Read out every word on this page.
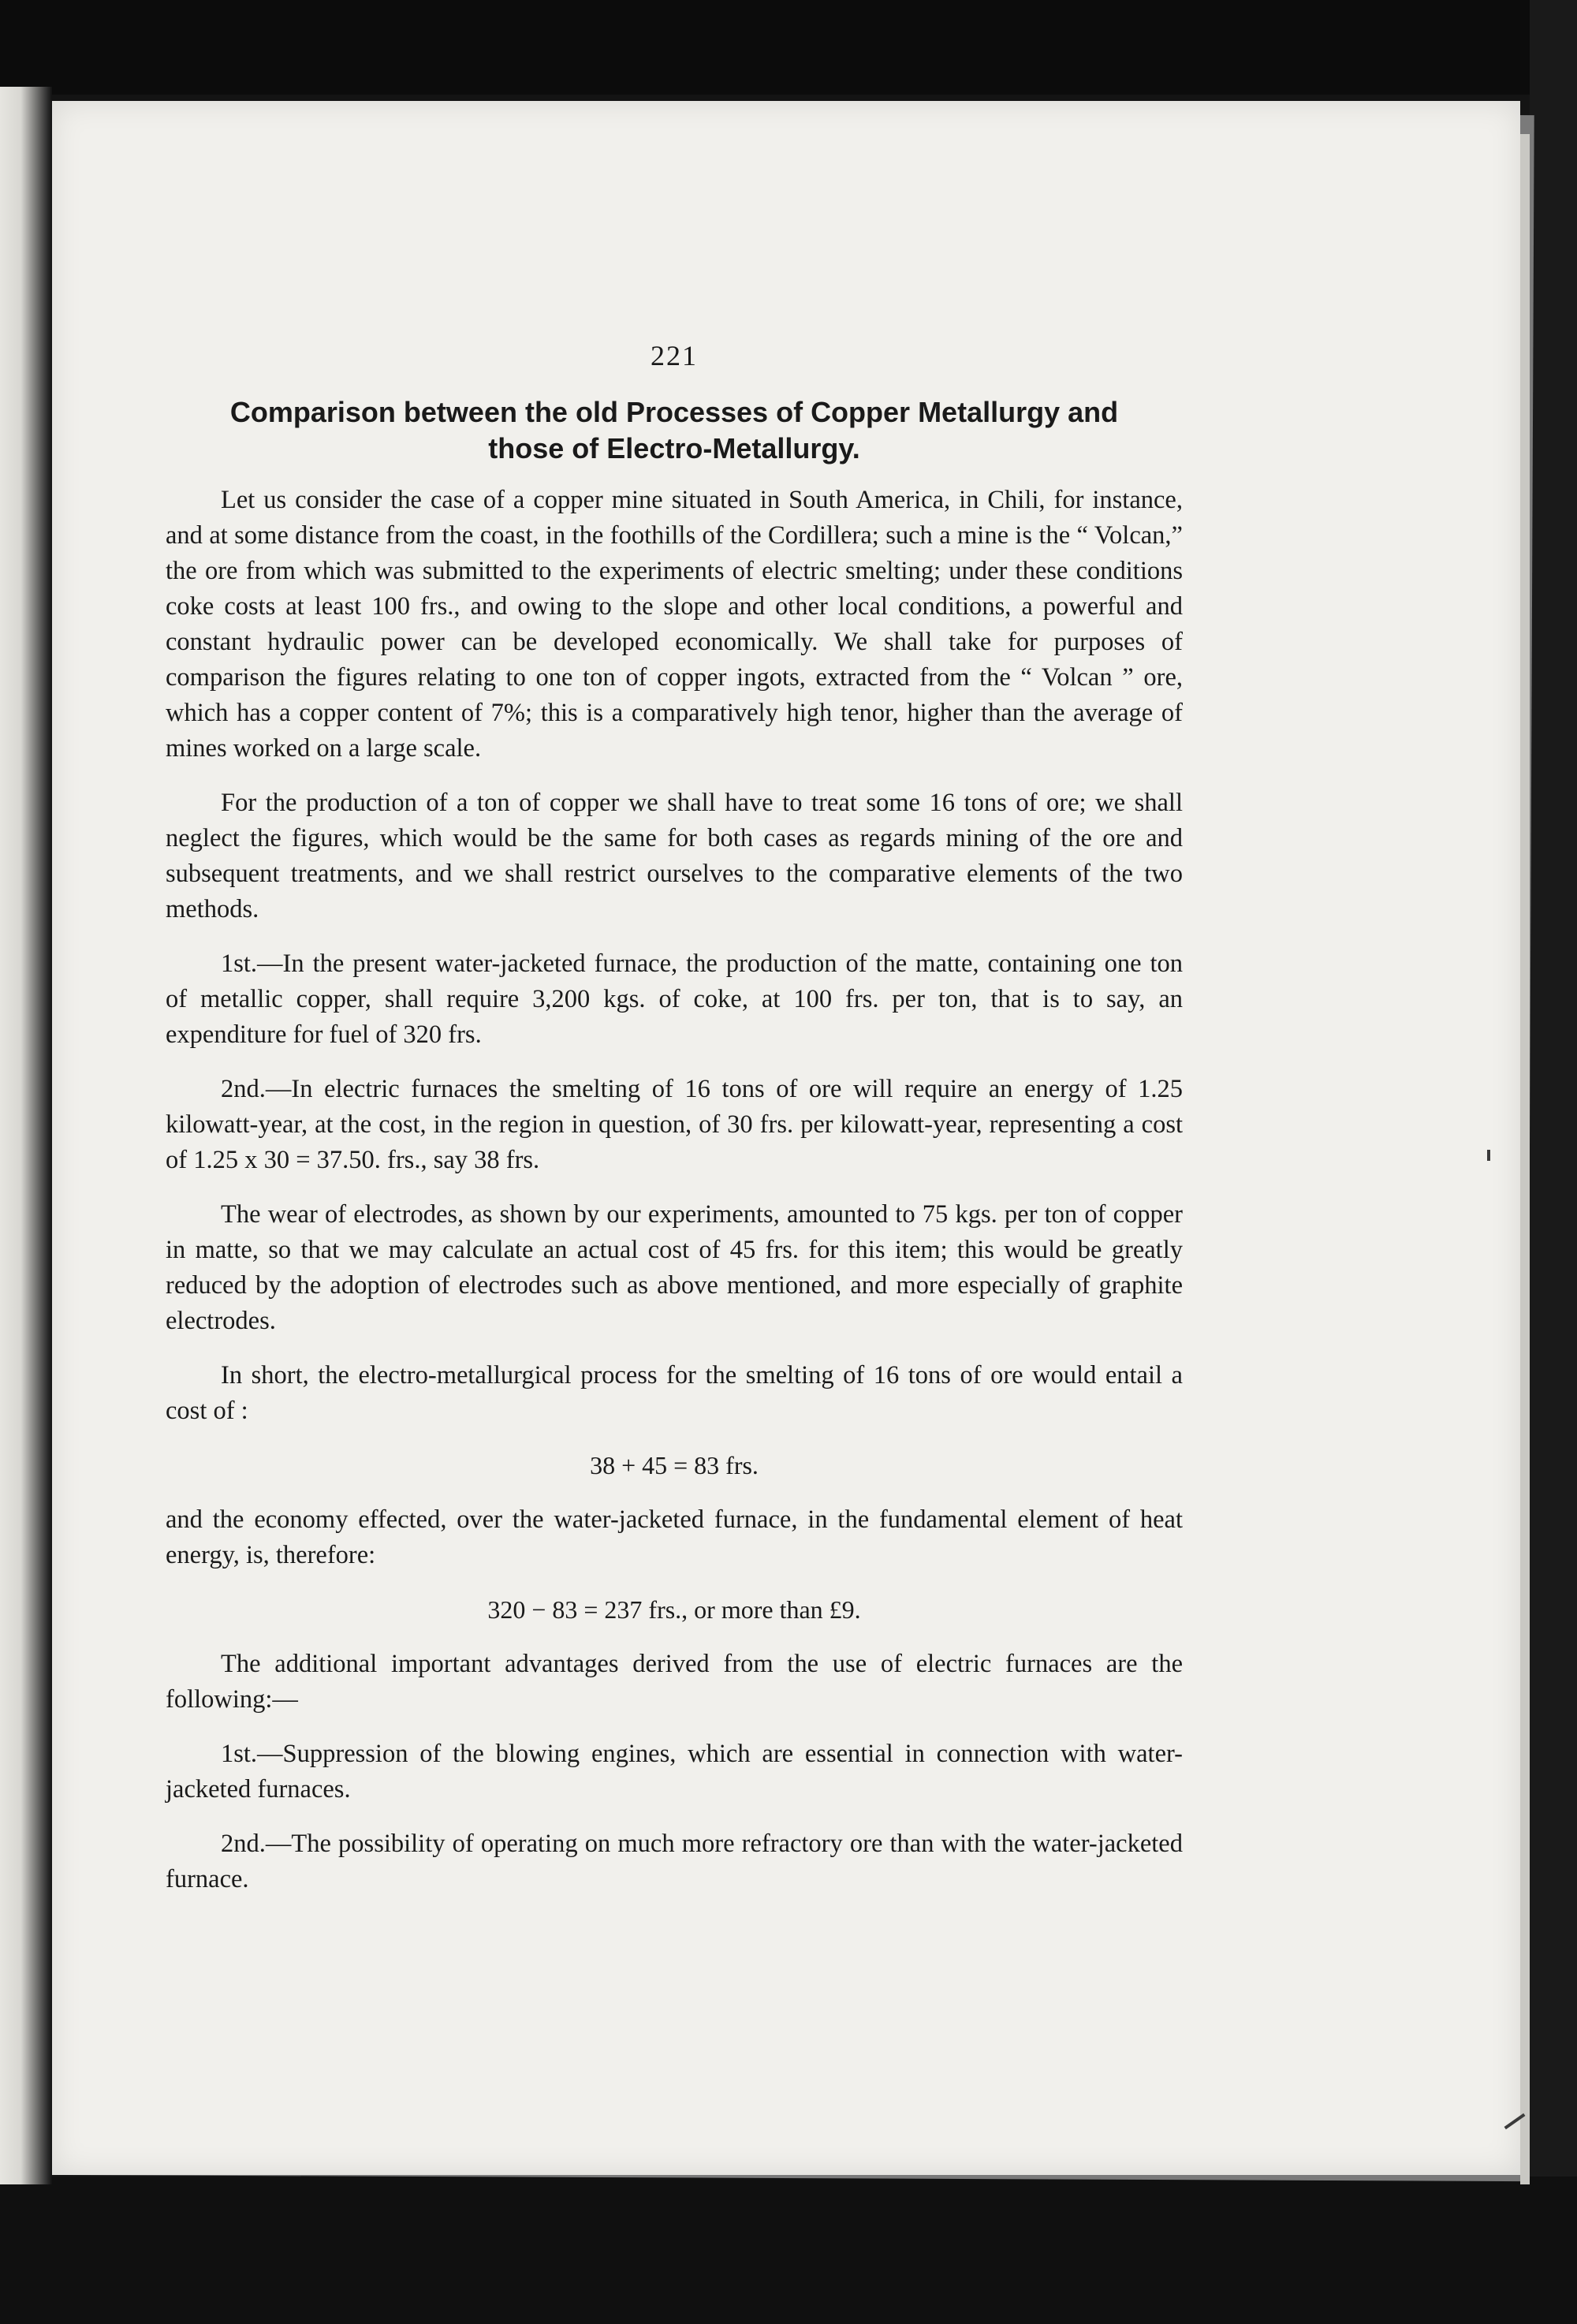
221
Comparison between the old Processes of Copper Metallurgy and
those of Electro-Metallurgy.

Let us consider the case of a copper mine situated in South America, in Chili, for instance, and at some distance from the coast, in the foothills of the Cordillera; such a mine is the “ Volcan,” the ore from which was submitted to the experiments of electric smelting; under these conditions coke costs at least 100 frs., and owing to the slope and other local conditions, a powerful and constant hydraulic power can be developed economically. We shall take for purposes of comparison the figures relating to one ton of copper ingots, extracted from the “ Volcan ” ore, which has a copper content of 7%; this is a comparatively high tenor, higher than the average of mines worked on a large scale.

For the production of a ton of copper we shall have to treat some 16 tons of ore; we shall neglect the figures, which would be the same for both cases as regards mining of the ore and subsequent treatments, and we shall restrict ourselves to the comparative elements of the two methods.

1st.—In the present water-jacketed furnace, the production of the matte, containing one ton of metallic copper, shall require 3,200 kgs. of coke, at 100 frs. per ton, that is to say, an expenditure for fuel of 320 frs.

2nd.—In electric furnaces the smelting of 16 tons of ore will require an energy of 1.25 kilowatt-year, at the cost, in the region in question, of 30 frs. per kilowatt-year, representing a cost of 1.25 x 30 = 37.50. frs., say 38 frs.

The wear of electrodes, as shown by our experiments, amounted to 75 kgs. per ton of copper in matte, so that we may calculate an actual cost of 45 frs. for this item; this would be greatly reduced by the adoption of electrodes such as above mentioned, and more especially of graphite electrodes.

In short, the electro-metallurgical process for the smelting of 16 tons of ore would entail a cost of :

38 + 45 = 83 frs.

and the economy effected, over the water-jacketed furnace, in the fundamental element of heat energy, is, therefore:

320 − 83 = 237 frs., or more than £9.

The additional important advantages derived from the use of electric furnaces are the following:—

1st.—Suppression of the blowing engines, which are essential in connection with water-jacketed furnaces.

2nd.—The possibility of operating on much more refractory ore than with the water-jacketed furnace.
